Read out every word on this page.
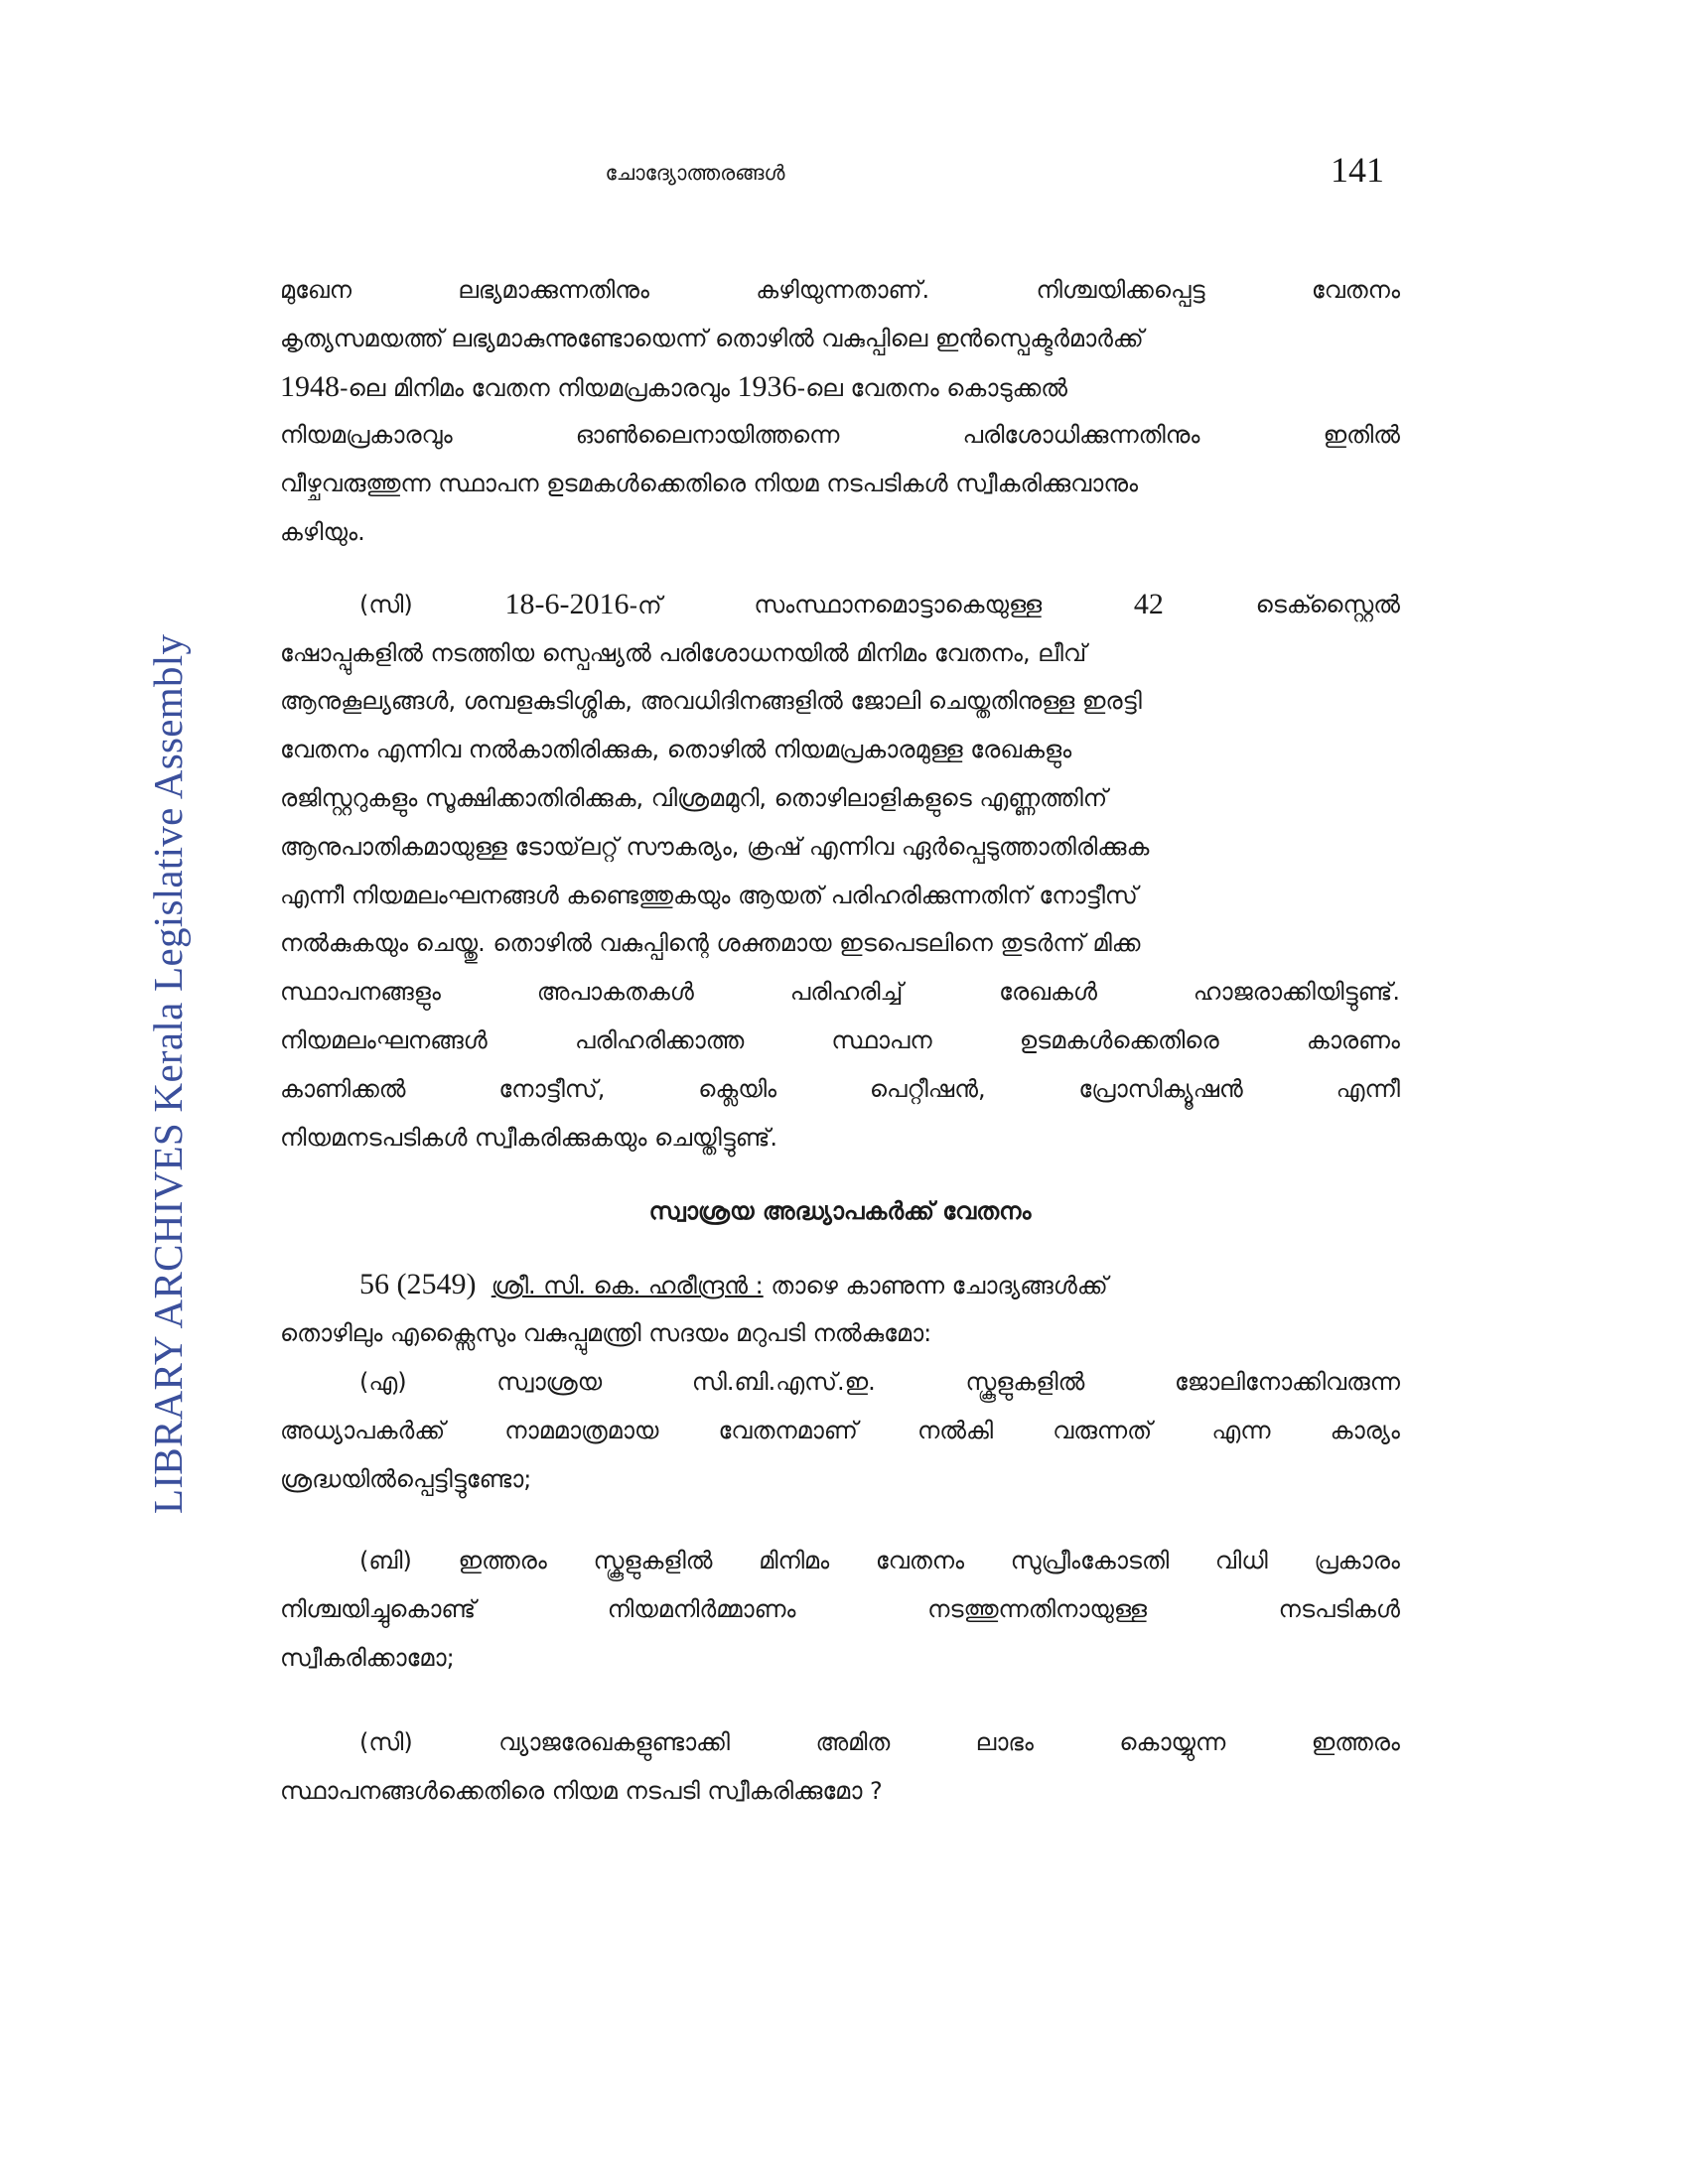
ചോദ്യോത്തരങ്ങൾ	141
LIBRARY ARCHIVES Kerala Legislative Assembly
മുഖേന	ലഭ്യമാക്കുന്നതിനും	കഴിയുന്നതാണ്.	നിശ്ചയിക്കപ്പെട്ട	വേതനം
കൃത്യസമയത്ത് ലഭ്യമാകുന്നുണ്ടോയെന്ന് തൊഴിൽ വകുപ്പിലെ ഇൻസ്പെക്ടർമാർക്ക്
1948-ലെ മിനിമം വേതന നിയമപ്രകാരവും 1936-ലെ വേതനം കൊടുക്കൽ
നിയമപ്രകാരവും	ഓൺലൈനായിത്തന്നെ	പരിശോധിക്കുന്നതിനും	ഇതിൽ
വീഴ്ചവരുത്തുന്ന സ്ഥാപന ഉടമകൾക്കെതിരെ നിയമ നടപടികൾ സ്വീകരിക്കുവാനും
കഴിയും.
(സി)	18-6-2016-ന്	സംസ്ഥാനമൊട്ടാകെയുള്ള	42	ടെക്സ്റ്റൈൽ
ഷോപ്പുകളിൽ നടത്തിയ സ്പെഷ്യൽ പരിശോധനയിൽ മിനിമം വേതനം, ലീവ്
ആനുകൂല്യങ്ങൾ, ശമ്പളകുടിശ്ശിക, അവധിദിനങ്ങളിൽ ജോലി ചെയ്തതിനുള്ള ഇരട്ടി
വേതനം എന്നിവ നൽകാതിരിക്കുക, തൊഴിൽ നിയമപ്രകാരമുള്ള രേഖകളും
രജിസ്റ്ററുകളും സൂക്ഷിക്കാതിരിക്കുക, വിശ്രമമുറി, തൊഴിലാളികളുടെ എണ്ണത്തിന്
ആനുപാതികമായുള്ള ടോയ്‌ലറ്റ് സൗകര്യം, ക്രഷ് എന്നിവ ഏർപ്പെടുത്താതിരിക്കുക
എന്നീ നിയമലംഘനങ്ങൾ കണ്ടെത്തുകയും ആയത് പരിഹരിക്കുന്നതിന് നോട്ടീസ്
നൽകുകയും ചെയ്തു. തൊഴിൽ വകുപ്പിന്റെ ശക്തമായ ഇടപെടലിനെ തുടർന്ന് മിക്ക
സ്ഥാപനങ്ങളും	അപാകതകൾ	പരിഹരിച്ച്	രേഖകൾ	ഹാജരാക്കിയിട്ടുണ്ട്.
നിയമലംഘനങ്ങൾ	പരിഹരിക്കാത്ത	സ്ഥാപന	ഉടമകൾക്കെതിരെ	കാരണം
കാണിക്കൽ	നോട്ടീസ്,	ക്ലെയിം	പെറ്റീഷൻ,	പ്രോസിക്യൂഷൻ	എന്നീ
നിയമനടപടികൾ സ്വീകരിക്കുകയും ചെയ്തിട്ടുണ്ട്.
സ്വാശ്രയ അദ്ധ്യാപകർക്ക് വേതനം
56 (2549) ശ്രീ. സി. കെ. ഹരീന്ദ്രൻ : താഴെ കാണുന്ന ചോദ്യങ്ങൾക്ക്
തൊഴിലും എക്സൈസും വകുപ്പുമന്ത്രി സദയം മറുപടി നൽകുമോ:
(എ)	സ്വാശ്രയ	സി.ബി.എസ്.ഇ.	സ്കൂളുകളിൽ	ജോലിനോക്കിവരുന്ന
അധ്യാപകർക്ക്	നാമമാത്രമായ	വേതനമാണ്	നൽകി	വരുന്നത്	എന്ന	കാര്യം
ശ്രദ്ധയിൽപ്പെട്ടിട്ടുണ്ടോ;
(ബി) ഇത്തരം സ്കൂളുകളിൽ മിനിമം വേതനം സുപ്രീംകോടതി വിധി പ്രകാരം
നിശ്ചയിച്ചുകൊണ്ട്	നിയമനിർമ്മാണം	നടത്തുന്നതിനായുള്ള	നടപടികൾ
സ്വീകരിക്കാമോ;
(സി)	വ്യാജരേഖകളുണ്ടാക്കി	അമിത	ലാഭം	കൊയ്യുന്ന	ഇത്തരം
സ്ഥാപനങ്ങൾക്കെതിരെ നിയമ നടപടി സ്വീകരിക്കുമോ ?
